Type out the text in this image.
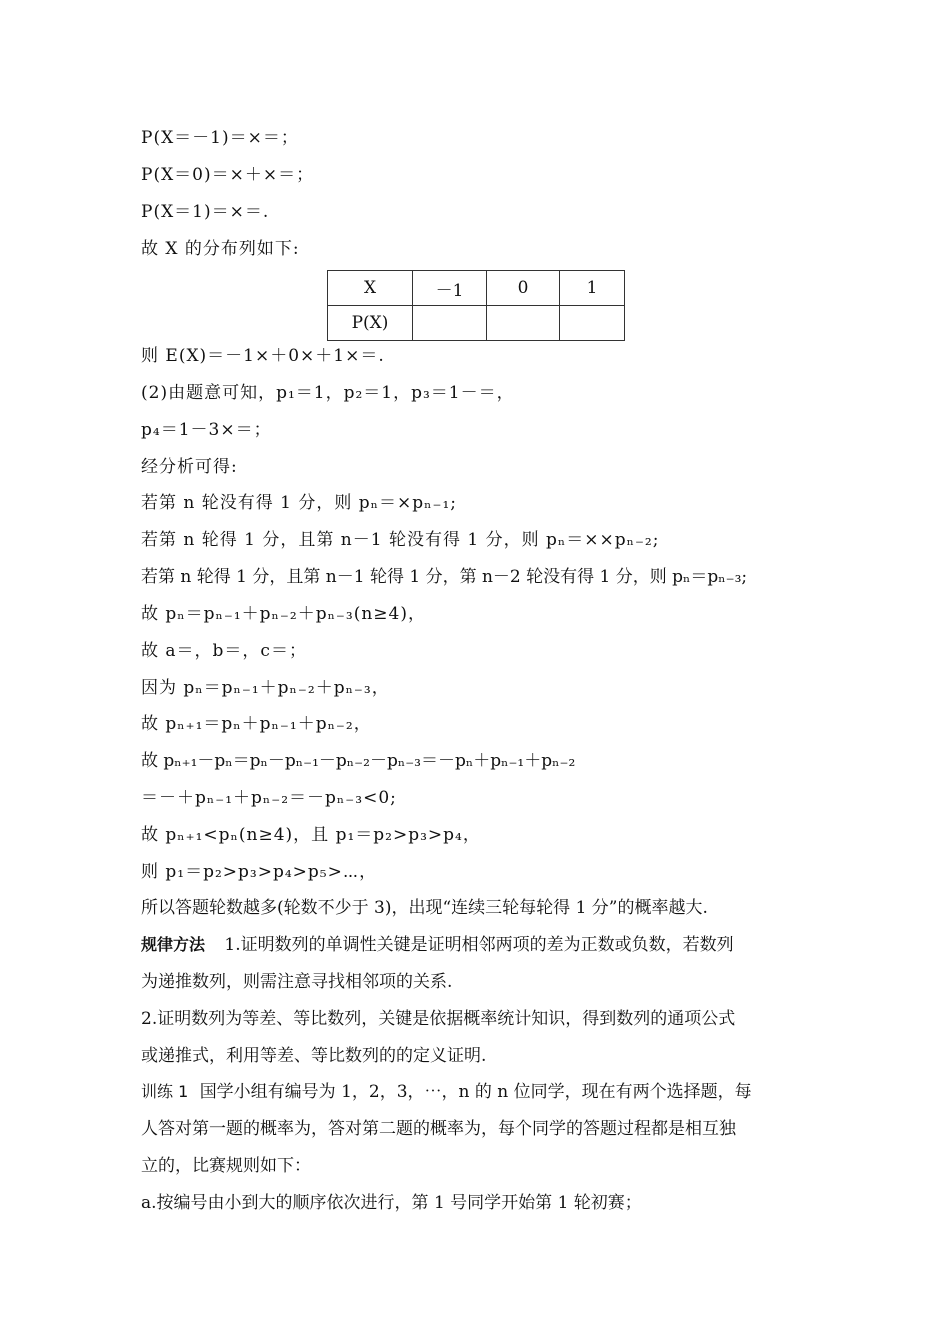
P(X＝－1)＝×＝；
P(X＝0)＝×＋×＝；
P(X＝1)＝×＝.
故 X 的分布列如下:
X	－1	0	1
P(X)			
则 E(X)＝－1×＋0×＋1×＝.
(2)由题意可知，p₁＝1，p₂＝1，p₃＝1－＝，
p₄＝1－3×＝；
经分析可得:
若第 n 轮没有得 1 分，则 pₙ＝×pₙ₋₁;
若第 n 轮得 1 分，且第 n－1 轮没有得 1 分，则 pₙ＝××pₙ₋₂;
若第 n 轮得 1 分，且第 n－1 轮得 1 分，第 n－2 轮没有得 1 分，则 pₙ＝pₙ₋₃;
故 pₙ＝pₙ₋₁＋pₙ₋₂＋pₙ₋₃(n≥4)，
故 a＝，b＝，c＝；
因为 pₙ＝pₙ₋₁＋pₙ₋₂＋pₙ₋₃，
故 pₙ₊₁＝pₙ＋pₙ₋₁＋pₙ₋₂，
故 pₙ₊₁－pₙ＝pₙ－pₙ₋₁－pₙ₋₂－pₙ₋₃＝－pₙ＋pₙ₋₁＋pₙ₋₂
＝－＋pₙ₋₁＋pₙ₋₂＝－pₙ₋₃<0;
故 pₙ₊₁<pₙ(n≥4)，且 p₁＝p₂>p₃>p₄，
则 p₁＝p₂>p₃>p₄>p₅>⋯，
所以答题轮数越多(轮数不少于 3)，出现“连续三轮每轮得 1 分”的概率越大.
规律方法 1.证明数列的单调性关键是证明相邻两项的差为正数或负数，若数列
为递推数列，则需注意寻找相邻项的关系.
2.证明数列为等差、等比数列，关键是依据概率统计知识，得到数列的通项公式
或递推式，利用等差、等比数列的的定义证明.
训练 1 国学小组有编号为 1，2，3，⋯，n 的 n 位同学，现在有两个选择题，每
人答对第一题的概率为，答对第二题的概率为，每个同学的答题过程都是相互独
立的，比赛规则如下：
a.按编号由小到大的顺序依次进行，第 1 号同学开始第 1 轮初赛；
